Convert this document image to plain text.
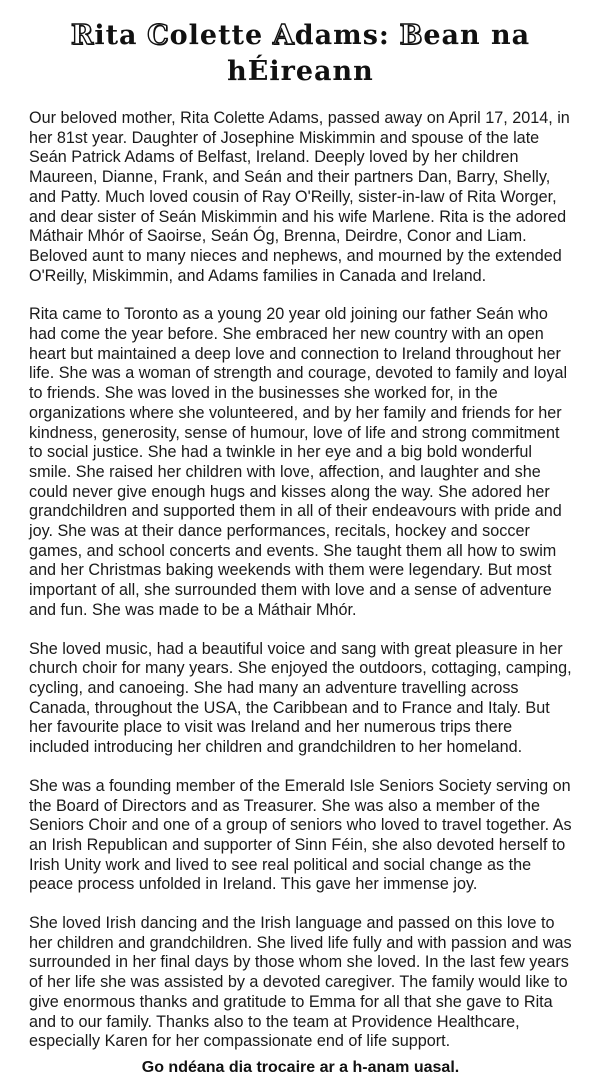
Rita Colette Adams: Bean na hÉireann

Our beloved mother, Rita Colette Adams, passed away on April 17, 2014, in her 81st year. Daughter of Josephine Miskimmin and spouse of the late Seán Patrick Adams of Belfast, Ireland. Deeply loved by her children Maureen, Dianne, Frank, and Seán and their partners Dan, Barry, Shelly, and Patty. Much loved cousin of Ray O'Reilly, sister-in-law of Rita Worger, and dear sister of Seán Miskimmin and his wife Marlene. Rita is the adored Máthair Mhór of Saoirse, Seán Óg, Brenna, Deirdre, Conor and Liam. Beloved aunt to many nieces and nephews, and mourned by the extended O'Reilly, Miskimmin, and Adams families in Canada and Ireland.

Rita came to Toronto as a young 20 year old joining our father Seán who had come the year before. She embraced her new country with an open heart but maintained a deep love and connection to Ireland throughout her life. She was a woman of strength and courage, devoted to family and loyal to friends. She was loved in the businesses she worked for, in the organizations where she volunteered, and by her family and friends for her kindness, generosity, sense of humour, love of life and strong commitment to social justice. She had a twinkle in her eye and a big bold wonderful smile. She raised her children with love, affection, and laughter and she could never give enough hugs and kisses along the way. She adored her grandchildren and supported them in all of their endeavours with pride and joy. She was at their dance performances, recitals, hockey and soccer games, and school concerts and events. She taught them all how to swim and her Christmas baking weekends with them were legendary. But most important of all, she surrounded them with love and a sense of adventure and fun. She was made to be a Máthair Mhór.

She loved music, had a beautiful voice and sang with great pleasure in her church choir for many years. She enjoyed the outdoors, cottaging, camping, cycling, and canoeing. She had many an adventure travelling across Canada, throughout the USA, the Caribbean and to France and Italy. But her favourite place to visit was Ireland and her numerous trips there included introducing her children and grandchildren to her homeland.

She was a founding member of the Emerald Isle Seniors Society serving on the Board of Directors and as Treasurer. She was also a member of the Seniors Choir and one of a group of seniors who loved to travel together. As an Irish Republican and supporter of Sinn Féin, she also devoted herself to Irish Unity work and lived to see real political and social change as the peace process unfolded in Ireland. This gave her immense joy.

She loved Irish dancing and the Irish language and passed on this love to her children and grandchildren. She lived life fully and with passion and was surrounded in her final days by those whom she loved. In the last few years of her life she was assisted by a devoted caregiver. The family would like to give enormous thanks and gratitude to Emma for all that she gave to Rita and to our family. Thanks also to the team at Providence Healthcare, especially Karen for her compassionate end of life support.

Go ndéana dia trocaire ar a h-anam uasal.
